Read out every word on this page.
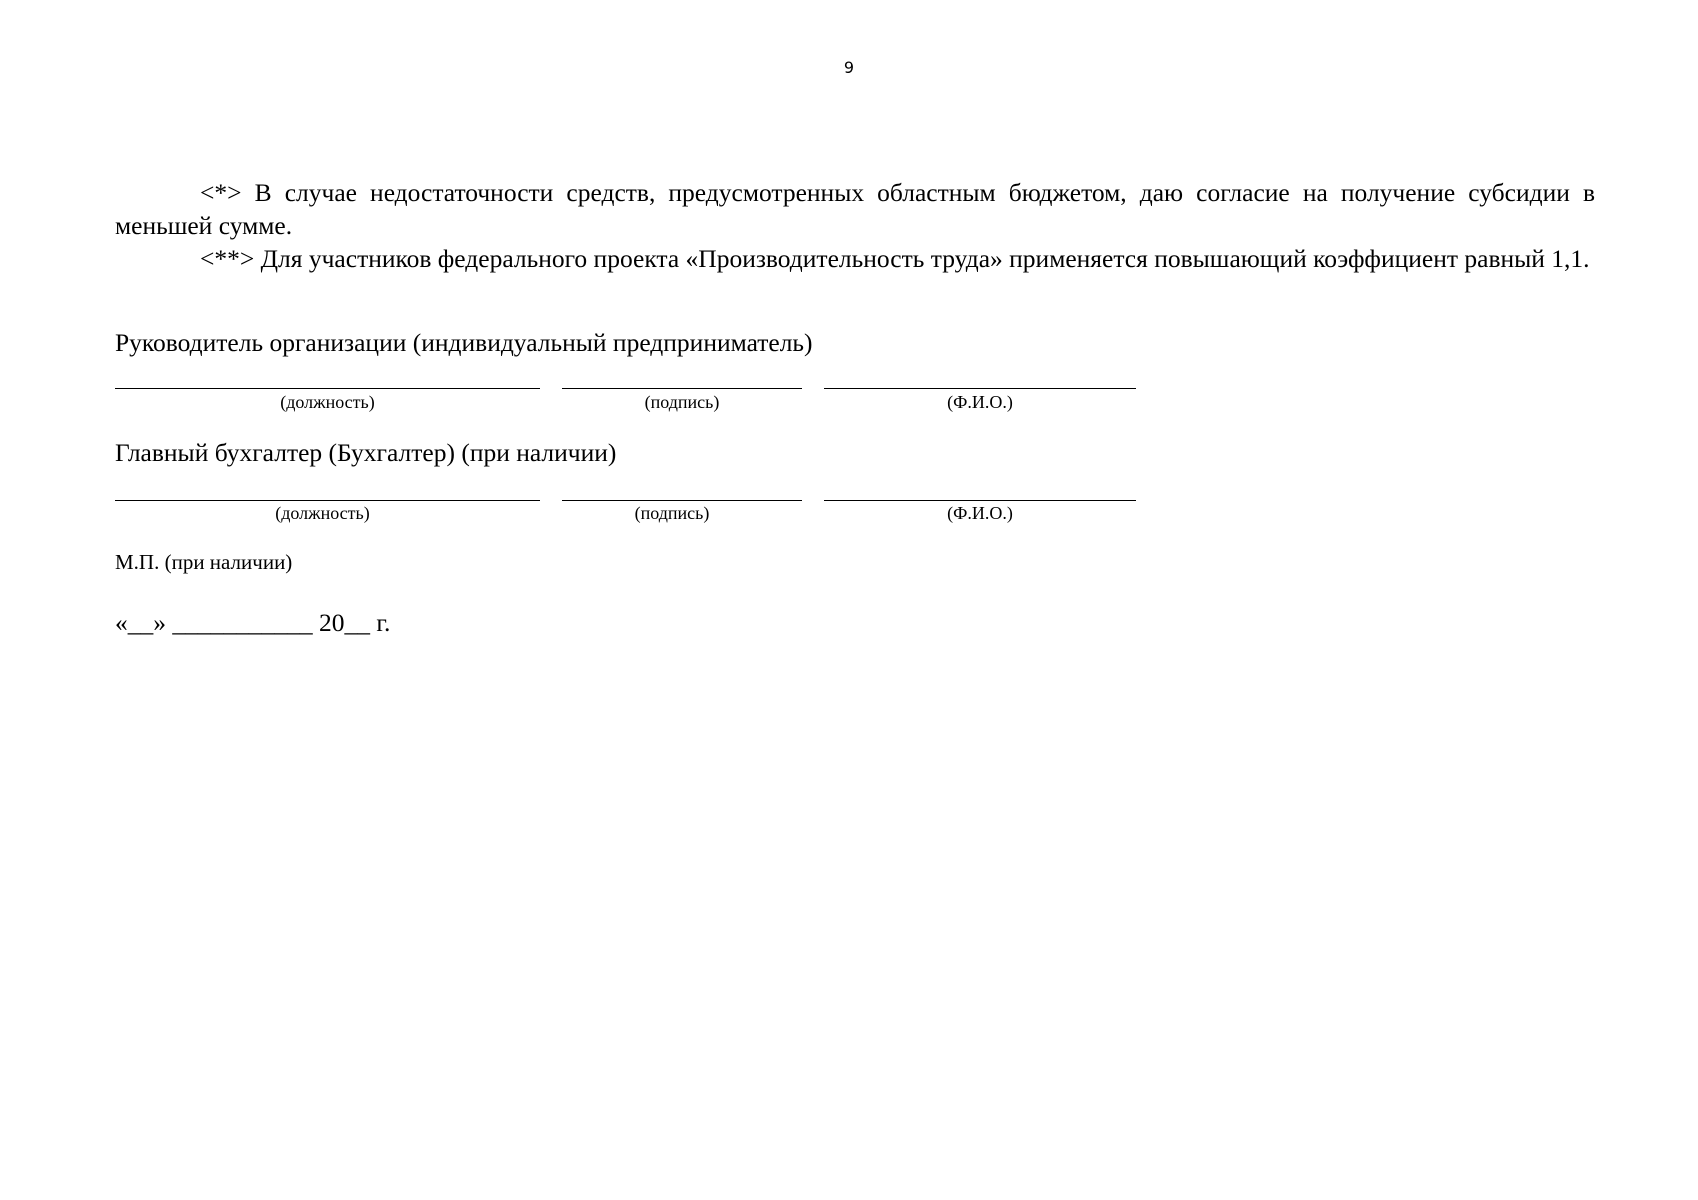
9

<*> В случае недостаточности средств, предусмотренных областным бюджетом, даю согласие на получение субсидии в меньшей сумме.

<**> Для участников федерального проекта «Производительность труда» применяется повышающий коэффициент равный 1,1.

Руководитель организации (индивидуальный предприниматель)
(должность)	(подпись)	(Ф.И.О.)
Главный бухгалтер (Бухгалтер) (при наличии)
(должность)	(подпись)	(Ф.И.О.)
М.П. (при наличии)
«__» ___________ 20__ г.
